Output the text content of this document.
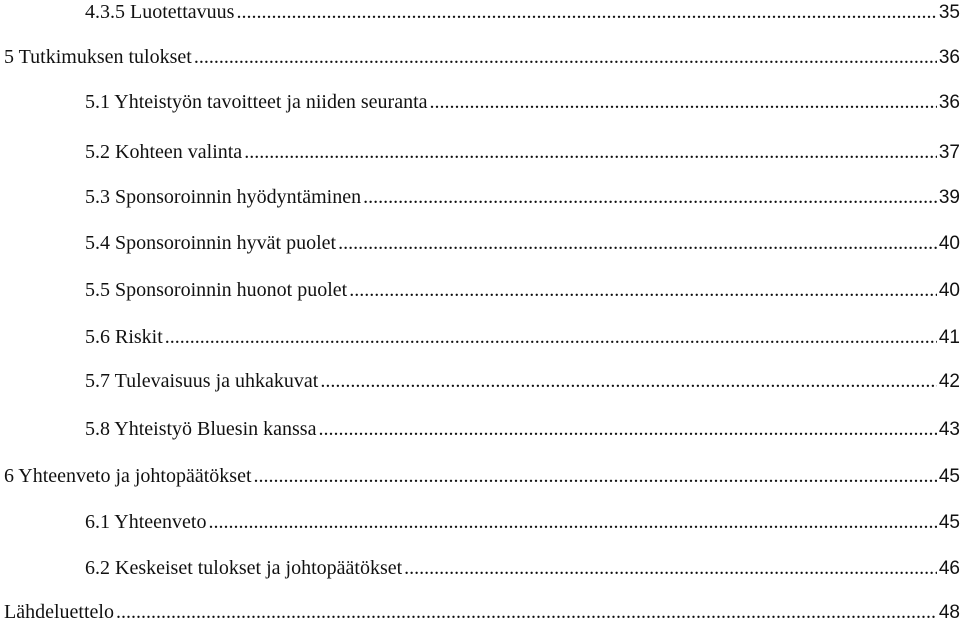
4.3.5 Luotettavuus .....	35
5 Tutkimuksen tulokset .....	36
5.1 Yhteistyön tavoitteet ja niiden seuranta .....	36
5.2 Kohteen valinta .....	37
5.3 Sponsoroinnin hyödyntäminen .....	39
5.4 Sponsoroinnin hyvät puolet .....	40
5.5 Sponsoroinnin huonot puolet .....	40
5.6 Riskit .....	41
5.7 Tulevaisuus ja uhkakuvat .....	42
5.8 Yhteistyö Bluesin kanssa .....	43
6 Yhteenveto ja johtopäätökset .....	45
6.1 Yhteenveto .....	45
6.2 Keskeiset tulokset ja johtopäätökset .....	46
Lähdeluettelo .....	48
